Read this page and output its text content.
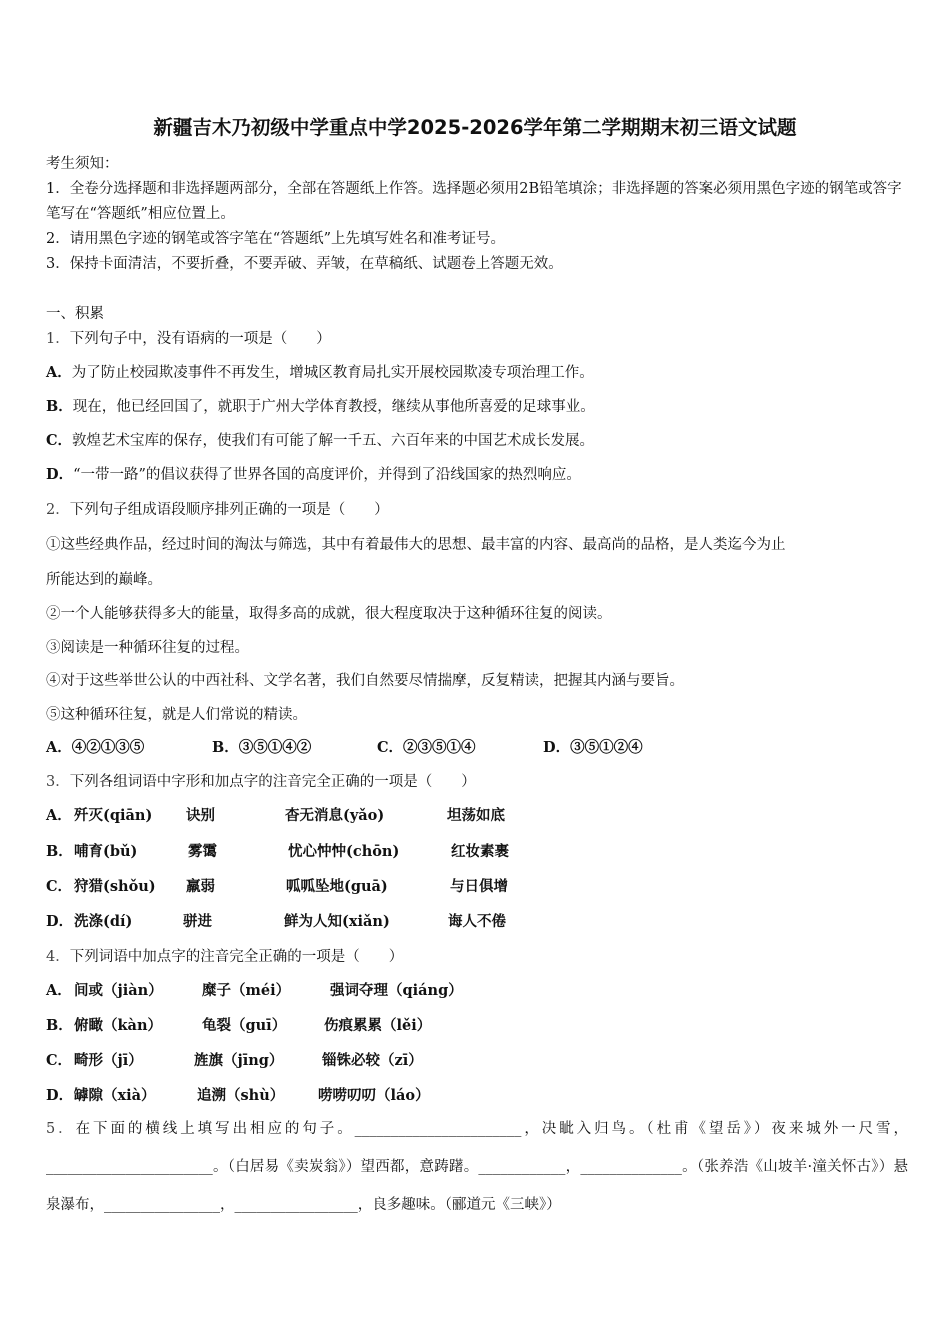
新疆吉木乃初级中学重点中学2025-2026学年第二学期期末初三语文试题
考生须知：
1．全卷分选择题和非选择题两部分，全部在答题纸上作答。选择题必须用2B铅笔填涂；非选择题的答案必须用黑色字迹的钢笔或答字笔写在“答题纸”相应位置上。
2．请用黑色字迹的钢笔或答字笔在“答题纸”上先填写姓名和准考证号。
3．保持卡面清洁，不要折叠，不要弄破、弄皱，在草稿纸、试题卷上答题无效。
一、积累
1．下列句子中，没有语病的一项是（　　）
A．为了防止校园欺凌事件不再发生，增城区教育局扎实开展校园欺凌专项治理工作。
B．现在，他已经回国了，就职于广州大学体育教授，继续从事他所喜爱的足球事业。
C．敦煌艺术宝库的保存，使我们有可能了解一千五、六百年来的中国艺术成长发展。
D．“一带一路”的倡议获得了世界各国的高度评价，并得到了沿线国家的热烈响应。
2．下列句子组成语段顺序排列正确的一项是（　　）
①这些经典作品，经过时间的淘汰与筛选，其中有着最伟大的思想、最丰富的内容、最高尚的品格，是人类迄今为止
所能达到的巅峰。
②一个人能够获得多大的能量，取得多高的成就，很大程度取决于这种循环往复的阅读。
③阅读是一种循环往复的过程。
④对于这些举世公认的中西社科、文学名著，我们自然要尽情揣摩，反复精读，把握其内涵与要旨。
⑤这种循环往复，就是人们常说的精读。
A．④②①③⑤	B．③⑤①④②	C．②③⑤①④	D．③⑤①②④
3．下列各组词语中字形和加点字的注音完全正确的一项是（　　）
A． 歼灭(qiān) 诀别	杳无消息(yǎo)	坦荡如底
B． 哺育(bǔ)	雾霭	忧心忡忡(chōn)	红妆素裹
C． 狩猎(shǒu) 羸弱	呱呱坠地(guā)	与日俱增
D． 洗涤(dí)	骈进	鲜为人知(xiǎn)	诲人不倦
4．下列词语中加点字的注音完全正确的一项是（　　）
A． 间或（jiàn）	糜子（méi）	强词夺理（qiáng）
B． 俯瞰（kàn）	龟裂（guī）	伤痕累累（lěi）
C． 畸形（jī）	旌旗（jīng）	锱铢必较（zī）
D． 罅隙（xià）	追溯（shù） 唠唠叨叨（láo）
5．在下面的横线上填写出相应的句子。_______________________，决眦入归鸟。（杜甫《望岳》）夜来城外一尺雪，_______________________。（白居易《卖炭翁》）望西都，意踌躇。____________，______________。（张养浩《山坡羊·潼关怀古》）悬泉瀑布，________________，_________________，良多趣味。（郦道元《三峡》）
